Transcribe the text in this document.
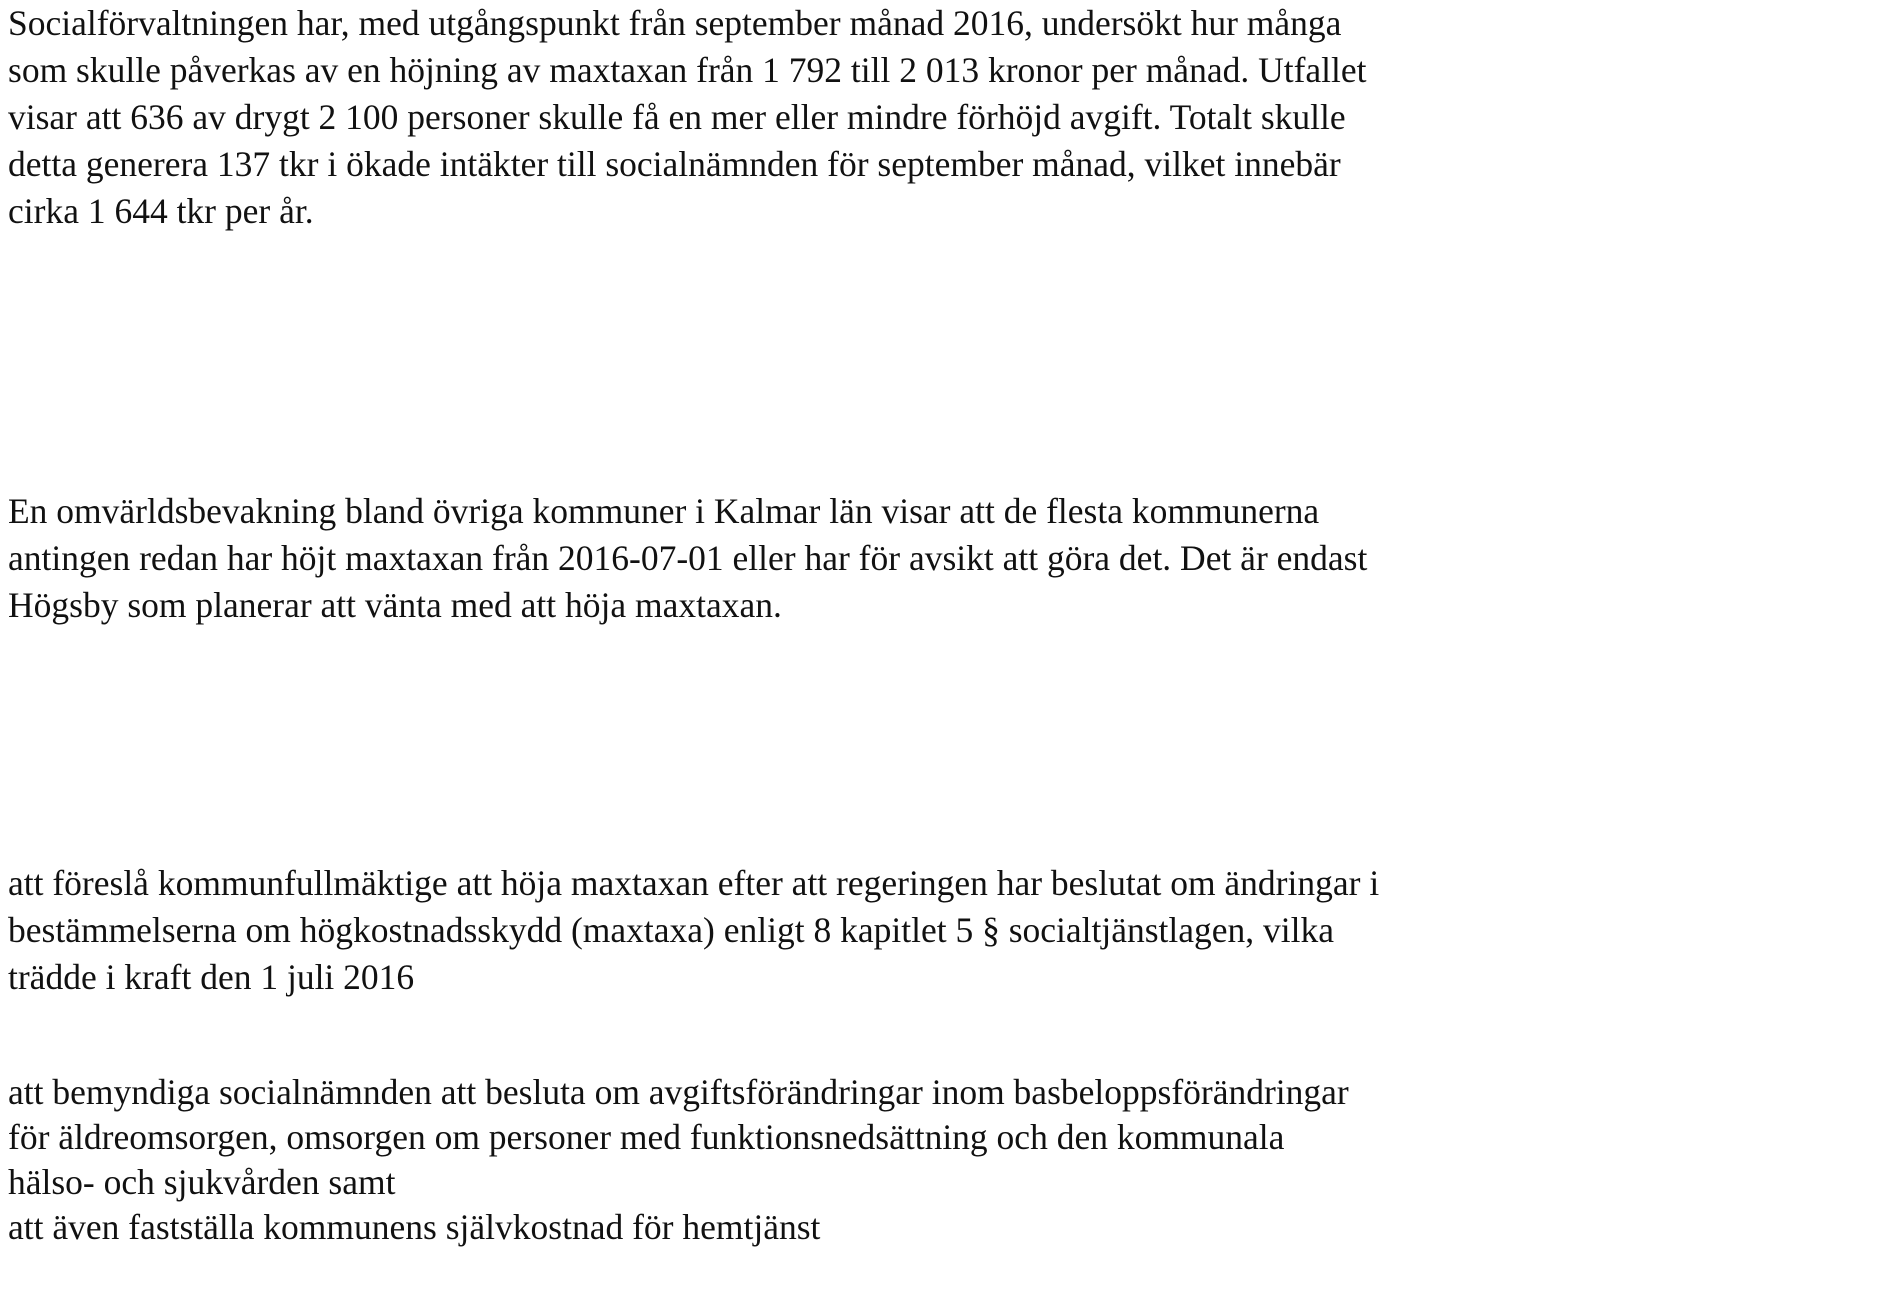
Socialförvaltningen har, med utgångspunkt från september månad 2016, undersökt hur många
som skulle påverkas av en höjning av maxtaxan från 1 792 till 2 013 kronor per månad. Utfallet
visar att 636 av drygt 2 100 personer skulle få en mer eller mindre förhöjd avgift. Totalt skulle
detta generera 137 tkr i ökade intäkter till socialnämnden för september månad, vilket innebär
cirka 1 644 tkr per år.

En omvärldsbevakning bland övriga kommuner i Kalmar län visar att de flesta kommunerna
antingen redan har höjt maxtaxan från 2016-07-01 eller har för avsikt att göra det. Det är endast
Högsby som planerar att vänta med att höja maxtaxan.

att föreslå kommunfullmäktige att höja maxtaxan efter att regeringen har beslutat om ändringar i
bestämmelserna om högkostnadsskydd (maxtaxa) enligt 8 kapitlet 5 § socialtjänstlagen, vilka
trädde i kraft den 1 juli 2016

att bemyndiga socialnämnden att besluta om avgiftsförändringar inom basbeloppsförändringar
för äldreomsorgen, omsorgen om personer med funktionsnedsättning och den kommunala
hälso- och sjukvården samt
att även fastställa kommunens självkostnad för hemtjänst
